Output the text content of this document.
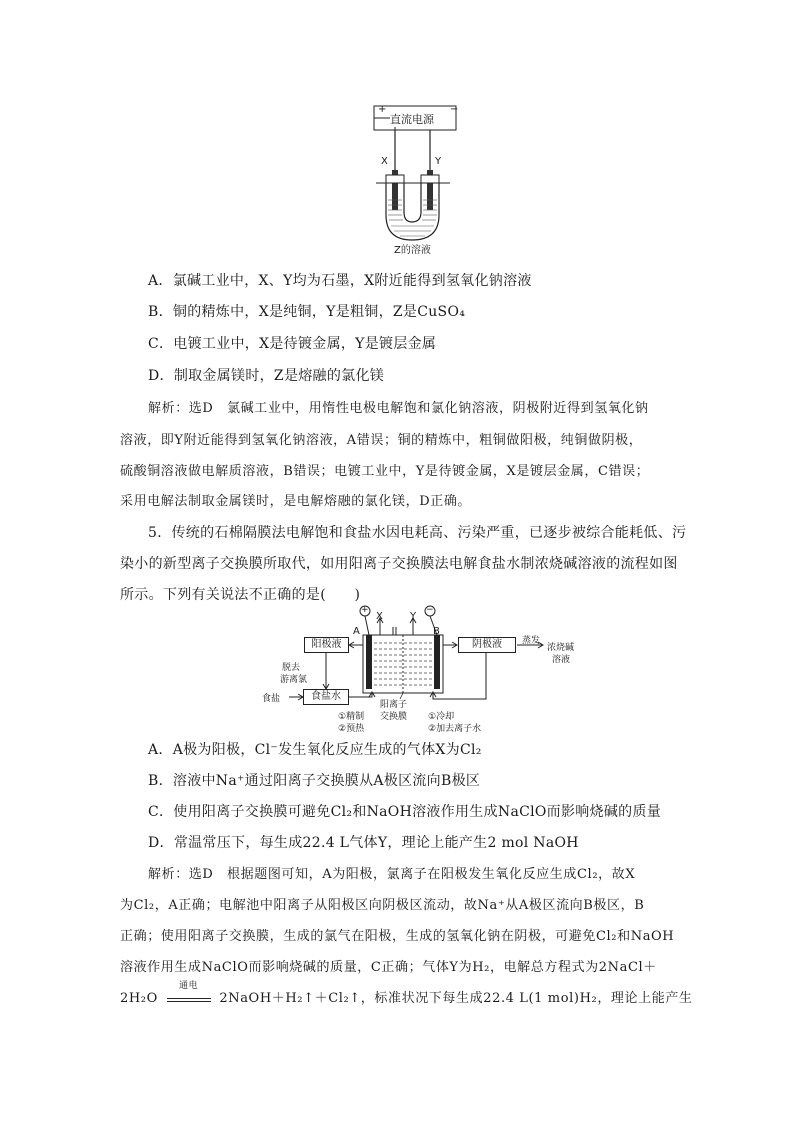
+	−
直流电源
X	Y
Z的溶液
A．氯碱工业中，X、Y均为石墨，X附近能得到氢氧化钠溶液
B．铜的精炼中，X是纯铜，Y是粗铜，Z是CuSO₄
C．电镀工业中，X是待镀金属，Y是镀层金属
D．制取金属镁时，Z是熔融的氯化镁
解析：选D　氯碱工业中，用惰性电极电解饱和氯化钠溶液，阴极附近得到氢氧化钠
溶液，即Y附近能得到氢氧化钠溶液，A错误；铜的精炼中，粗铜做阳极，纯铜做阴极，
硫酸铜溶液做电解质溶液，B错误；电镀工业中，Y是待镀金属，X是镀层金属，C错误；
采用电解法制取金属镁时，是电解熔融的氯化镁，D正确。
5．传统的石棉隔膜法电解饱和食盐水因电耗高、污染严重，已逐步被综合能耗低、污
染小的新型离子交换膜所取代，如用阳离子交换膜法电解食盐水制浓烧碱溶液的流程如图
所示。下列有关说法不正确的是(　　)
+	−
X	Y
A	B
阳极液	阴极液
食盐水
脱去
游离氯
食盐
蒸发
浓烧碱
溶液
阳离子
交换膜
①精制
②预热
①冷却
②加去离子水
A．A极为阳极，Cl⁻发生氧化反应生成的气体X为Cl₂
B．溶液中Na⁺通过阳离子交换膜从A极区流向B极区
C．使用阳离子交换膜可避免Cl₂和NaOH溶液作用生成NaClO而影响烧碱的质量
D．常温常压下，每生成22.4 L气体Y，理论上能产生2 mol NaOH
解析：选D　根据题图可知，A为阳极，氯离子在阳极发生氧化反应生成Cl₂，故X
为Cl₂，A正确；电解池中阳离子从阳极区向阴极区流动，故Na⁺从A极区流向B极区，B
正确；使用阳离子交换膜，生成的氯气在阳极，生成的氢氧化钠在阴极，可避免Cl₂和NaOH
溶液作用生成NaClO而影响烧碱的质量，C正确；气体Y为H₂，电解总方程式为2NaCl＋
2H₂O
通电
2NaOH＋H₂↑＋Cl₂↑，标准状况下每生成22.4 L(1 mol)H₂，理论上能产生
